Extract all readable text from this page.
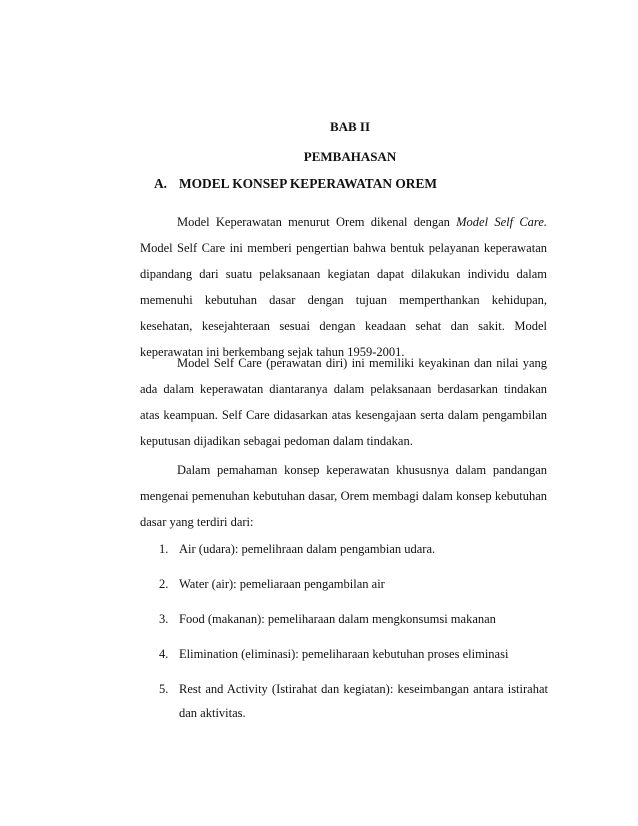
BAB II
PEMBAHASAN
A. MODEL KONSEP KEPERAWATAN OREM

Model Keperawatan menurut Orem dikenal dengan Model Self Care. Model Self Care ini memberi pengertian bahwa bentuk pelayanan keperawatan dipandang dari suatu pelaksanaan kegiatan dapat dilakukan individu dalam memenuhi kebutuhan dasar dengan tujuan memperthankan kehidupan, kesehatan, kesejahteraan sesuai dengan keadaan sehat dan sakit. Model keperawatan ini berkembang sejak tahun 1959-2001.

Model Self Care (perawatan diri) ini memiliki keyakinan dan nilai yang ada dalam keperawatan diantaranya dalam pelaksanaan berdasarkan tindakan atas keampuan. Self Care didasarkan atas kesengajaan serta dalam pengambilan keputusan dijadikan sebagai pedoman dalam tindakan.

Dalam pemahaman konsep keperawatan khususnya dalam pandangan mengenai pemenuhan kebutuhan dasar, Orem membagi dalam konsep kebutuhan dasar yang terdiri dari:

1. Air (udara): pemelihraan dalam pengambian udara.
2. Water (air): pemeliaraan pengambilan air
3. Food (makanan): pemeliharaan dalam mengkonsumsi makanan
4. Elimination (eliminasi): pemeliharaan kebutuhan proses eliminasi
5. Rest and Activity (Istirahat dan kegiatan): keseimbangan antara istirahat dan aktivitas.
